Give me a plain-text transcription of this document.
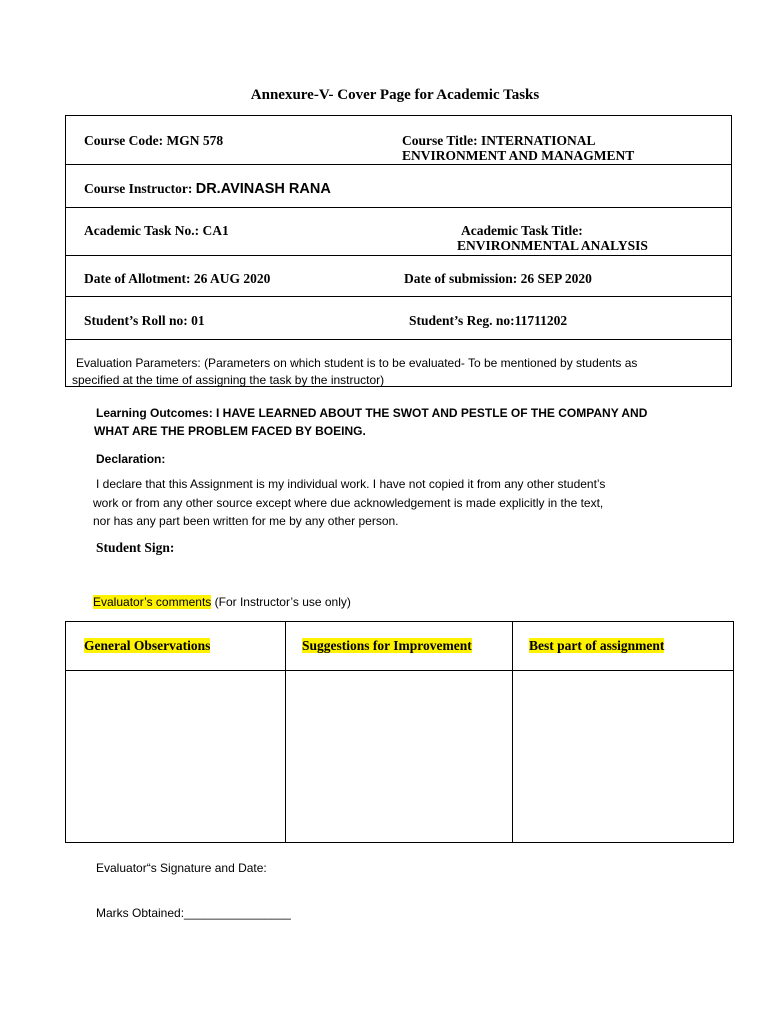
Annexure-V- Cover Page for Academic Tasks
Course Code: MGN 578	Course Title: INTERNATIONAL
ENVIRONMENT AND MANAGMENT
Course Instructor: DR.AVINASH RANA
Academic Task No.: CA1	Academic Task Title:
ENVIRONMENTAL ANALYSIS
Date of Allotment: 26 AUG 2020	Date of submission: 26 SEP 2020
Student’s Roll no: 01	Student’s Reg. no:11711202
Evaluation Parameters: (Parameters on which student is to be evaluated- To be mentioned by students as
specified at the time of assigning the task by the instructor)
Learning Outcomes: I HAVE LEARNED ABOUT THE SWOT AND PESTLE OF THE COMPANY AND
WHAT ARE THE PROBLEM FACED BY BOEING.
Declaration:
I declare that this Assignment is my individual work. I have not copied it from any other student’s
work or from any other source except where due acknowledgement is made explicitly in the text,
nor has any part been written for me by any other person.
Student Sign:
Evaluator’s comments (For Instructor’s use only)
General Observations	Suggestions for Improvement	Best part of assignment
Evaluator“s Signature and Date:
Marks Obtained:________________
